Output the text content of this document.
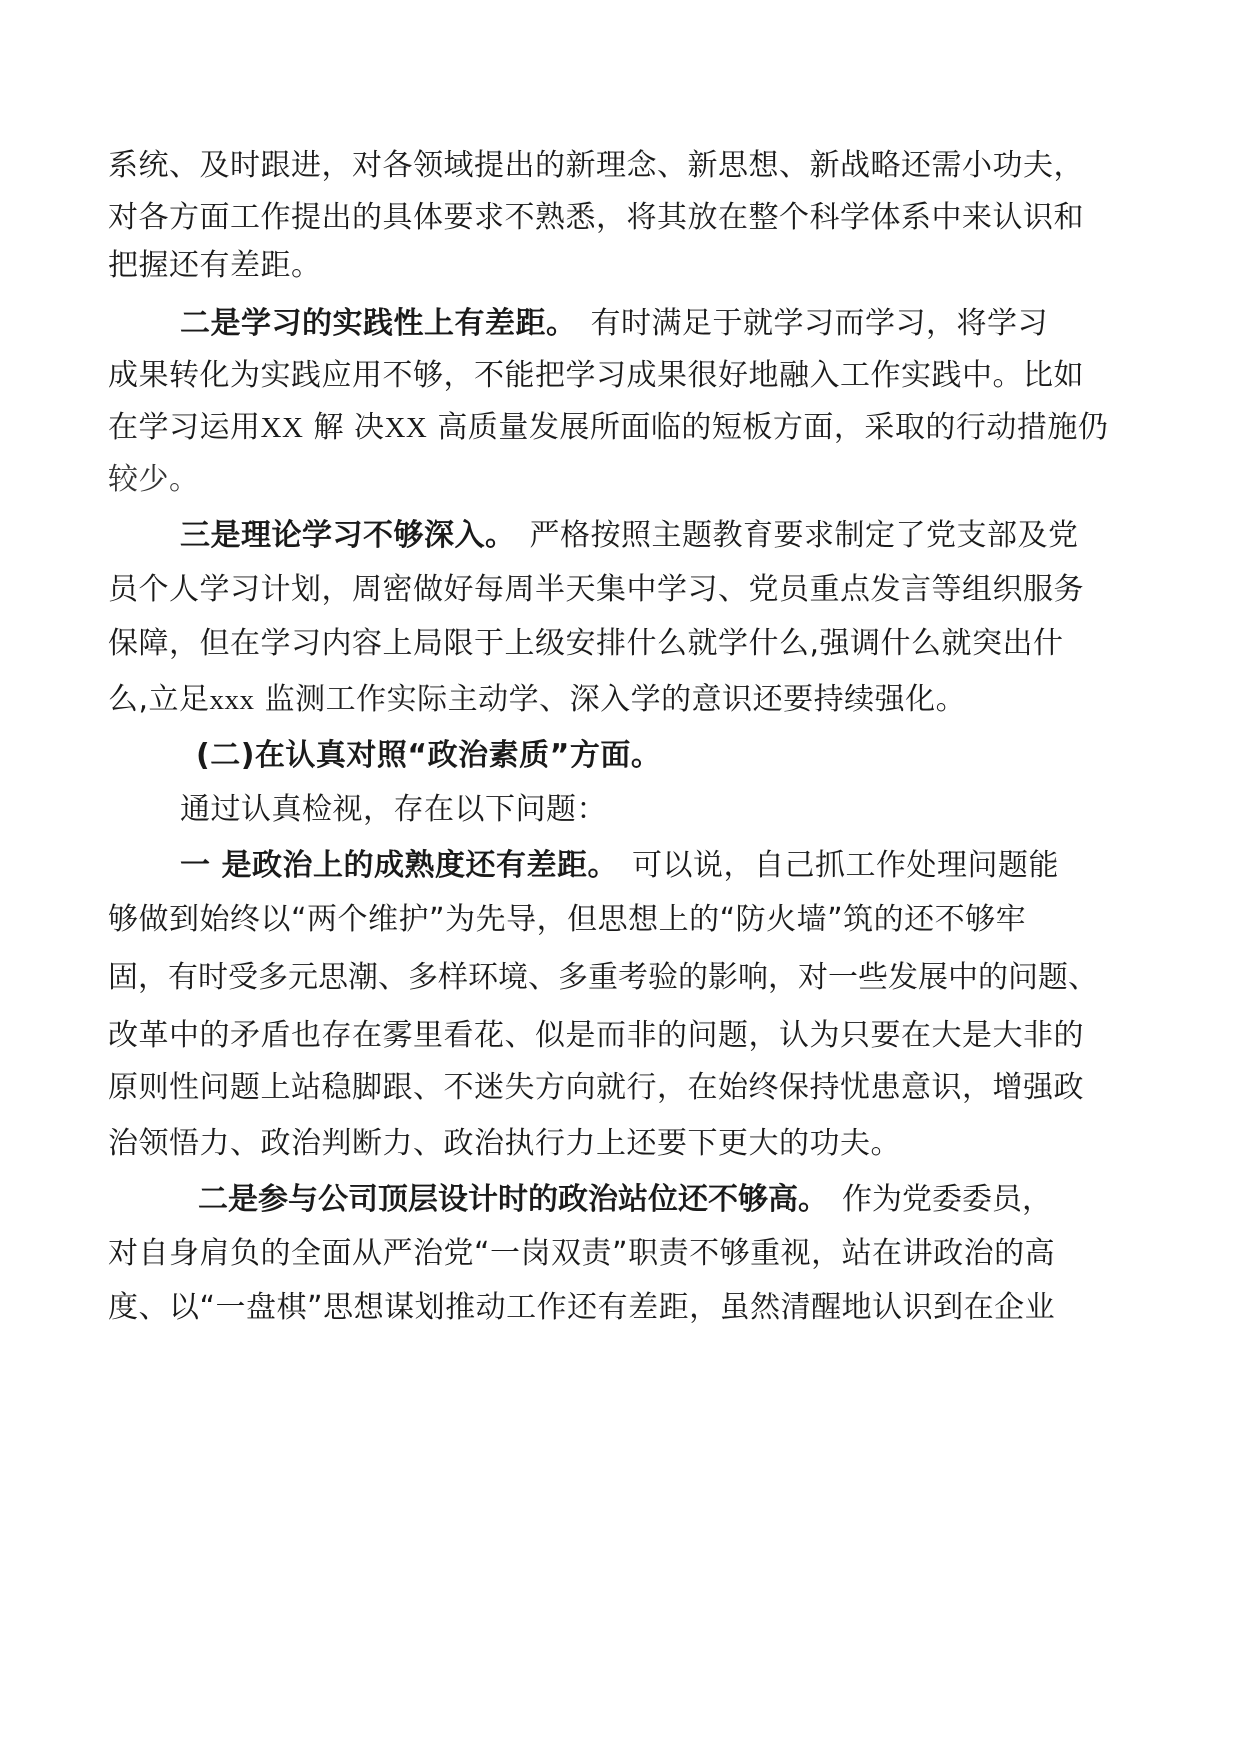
系统、及时跟进，对各领域提出的新理念、新思想、新战略还需小功夫，
对各方面工作提出的具体要求不熟悉，将其放在整个科学体系中来认识和
把握还有差距。
二是学习的实践性上有差距。 有时满足于就学习而学习，将学习
成果转化为实践应用不够，不能把学习成果很好地融入工作实践中。比如
在学习运用XX 解 决XX 高质量发展所面临的短板方面，采取的行动措施仍
较少。
三是理论学习不够深入。 严格按照主题教育要求制定了党支部及党
员个人学习计划，周密做好每周半天集中学习、党员重点发言等组织服务
保障，但在学习内容上局限于上级安排什么就学什么,强调什么就突出什
么,立足xxx 监测工作实际主动学、深入学的意识还要持续强化。
(二)在认真对照“政治素质”方面。
通过认真检视，存在以下问题：
一 是政治上的成熟度还有差距。 可以说，自己抓工作处理问题能
够做到始终以“两个维护”为先导，但思想上的“防火墙”筑的还不够牢
固，有时受多元思潮、多样环境、多重考验的影响，对一些发展中的问题、
改革中的矛盾也存在雾里看花、似是而非的问题，认为只要在大是大非的
原则性问题上站稳脚跟、不迷失方向就行，在始终保持忧患意识，增强政
治领悟力、政治判断力、政治执行力上还要下更大的功夫。
二是参与公司顶层设计时的政治站位还不够高。 作为党委委员，
对自身肩负的全面从严治党“一岗双责”职责不够重视，站在讲政治的高
度、以“一盘棋”思想谋划推动工作还有差距，虽然清醒地认识到在企业
